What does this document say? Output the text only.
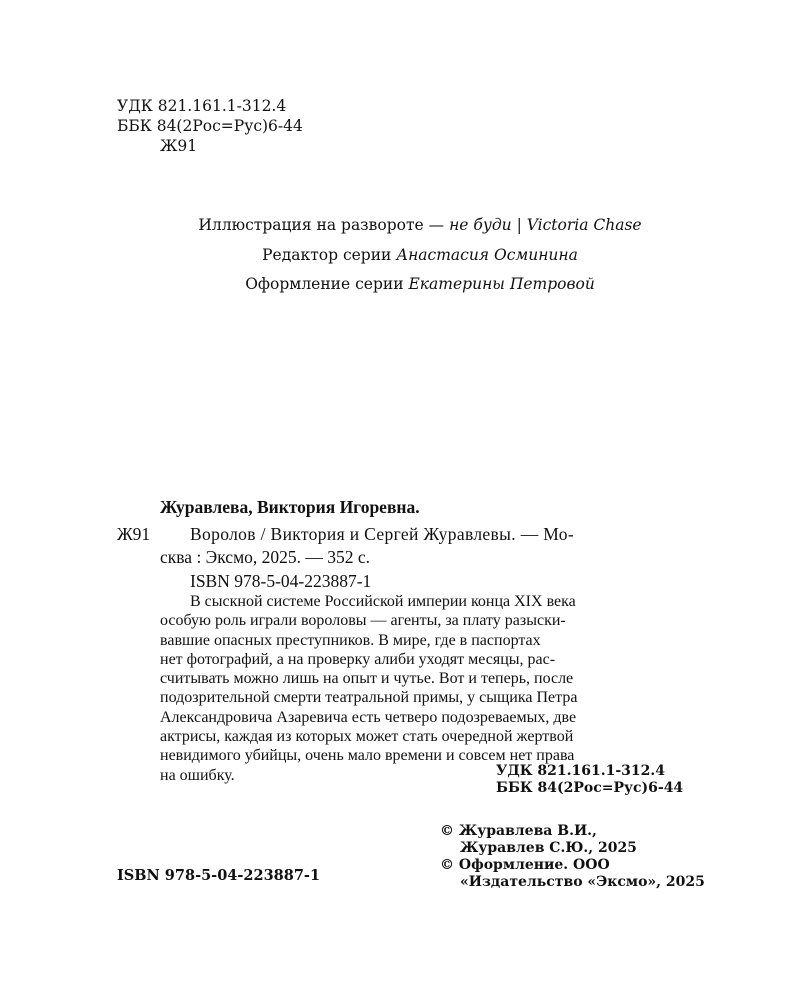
УДК 821.161.1-312.4
ББК 84(2Рос=Рус)6-44
Ж91
Иллюстрация на развороте — не буди | Victoria Chase
Редактор серии Анастасия Осминина
Оформление серии Екатерины Петровой
Журавлева, Виктория Игоревна.
Ж91 Воролов / Виктория и Сергей Журавлевы. — Мо-
сква : Эксмо, 2025. — 352 с.
ISBN 978-5-04-223887-1
В сыскной системе Российской империи конца XIX века
особую роль играли вороловы — агенты, за плату разыски-
вавшие опасных преступников. В мире, где в паспортах
нет фотографий, а на проверку алиби уходят месяцы, рас-
считывать можно лишь на опыт и чутье. Вот и теперь, после
подозрительной смерти театральной примы, у сыщика Петра
Александровича Азаревича есть четверо подозреваемых, две
актрисы, каждая из которых может стать очередной жертвой
невидимого убийцы, очень мало времени и совсем нет права
на ошибку.	УДК 821.161.1-312.4
ББК 84(2Рос=Рус)6-44
© Журавлева В.И.,
Журавлев С.Ю., 2025
© Оформление. ООО
«Издательство «Эксмо», 2025
ISBN 978-5-04-223887-1
